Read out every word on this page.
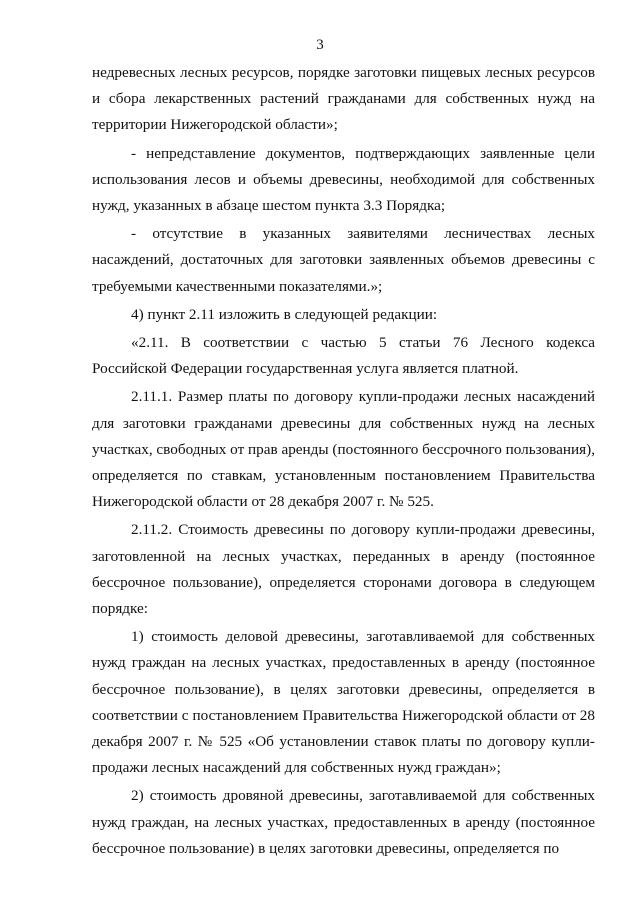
3

недревесных лесных ресурсов, порядке заготовки пищевых лесных ресурсов и сбора лекарственных растений гражданами для собственных нужд на территории Нижегородской области»;

- непредставление документов, подтверждающих заявленные цели использования лесов и объемы древесины, необходимой для собственных нужд, указанных в абзаце шестом пункта 3.3 Порядка;

- отсутствие в указанных заявителями лесничествах лесных насаждений, достаточных для заготовки заявленных объемов древесины с требуемыми качественными показателями.»;

4) пункт 2.11 изложить в следующей редакции:

«2.11. В соответствии с частью 5 статьи 76 Лесного кодекса Российской Федерации государственная услуга является платной.

2.11.1. Размер платы по договору купли-продажи лесных насаждений для заготовки гражданами древесины для собственных нужд на лесных участках, свободных от прав аренды (постоянного бессрочного пользования), определяется по ставкам, установленным постановлением Правительства Нижегородской области от 28 декабря 2007 г. № 525.

2.11.2. Стоимость древесины по договору купли-продажи древесины, заготовленной на лесных участках, переданных в аренду (постоянное бессрочное пользование), определяется сторонами договора в следующем порядке:

1) стоимость деловой древесины, заготавливаемой для собственных нужд граждан на лесных участках, предоставленных в аренду (постоянное бессрочное пользование), в целях заготовки древесины, определяется в соответствии с постановлением Правительства Нижегородской области от 28 декабря 2007 г. № 525 «Об установлении ставок платы по договору купли-продажи лесных насаждений для собственных нужд граждан»;

2) стоимость дровяной древесины, заготавливаемой для собственных нужд граждан, на лесных участках, предоставленных в аренду (постоянное бессрочное пользование) в целях заготовки древесины, определяется по
